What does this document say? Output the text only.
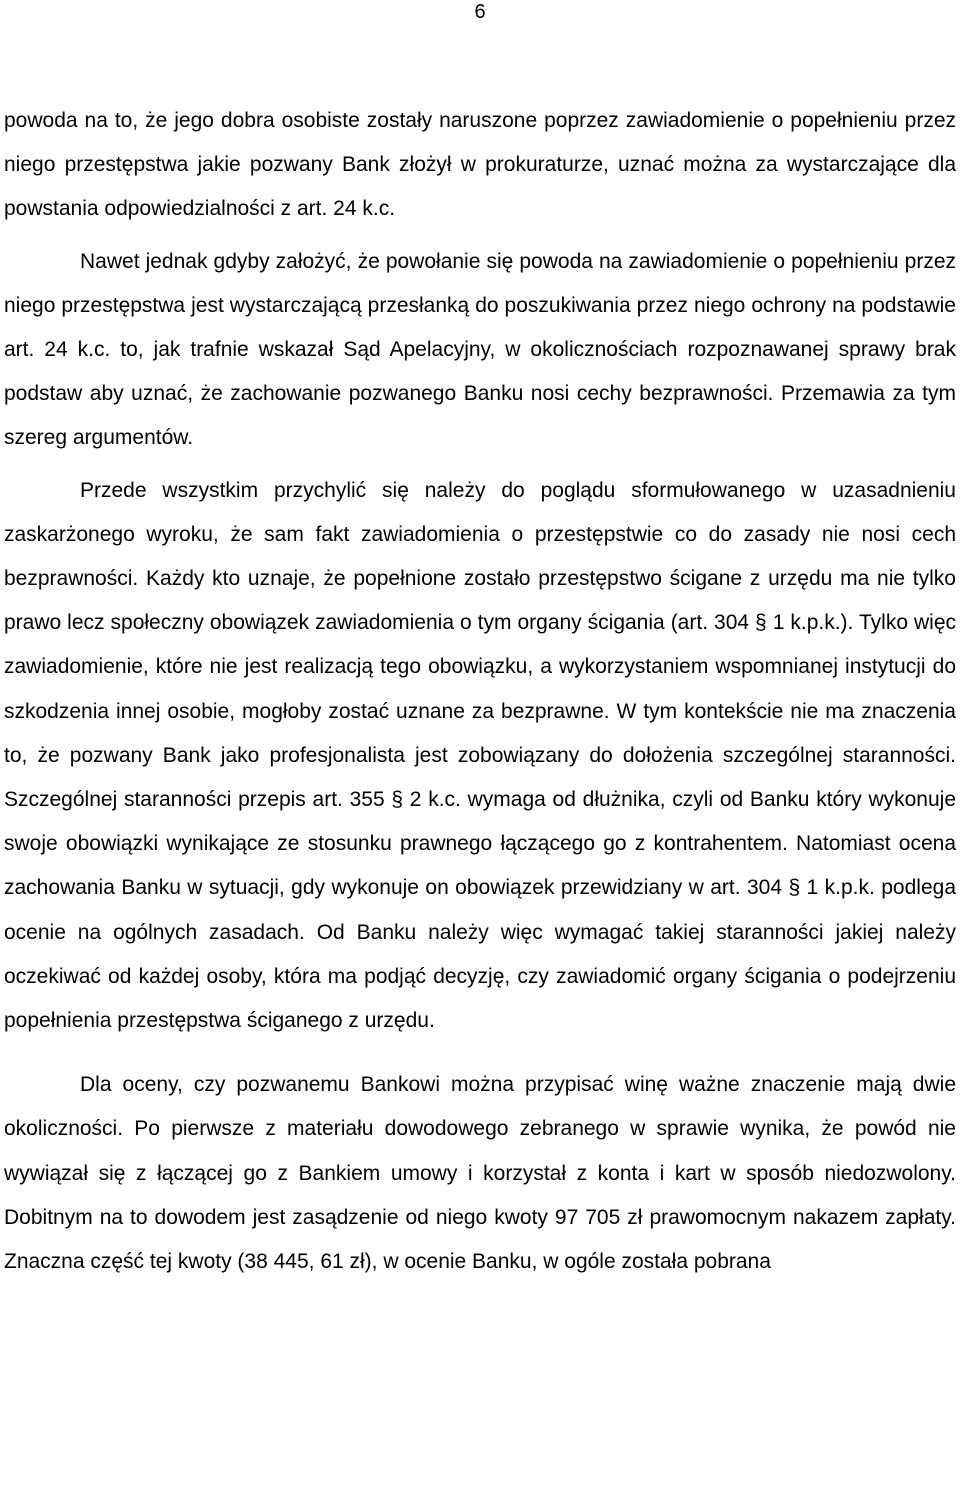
6

powoda na to, że jego dobra osobiste zostały naruszone poprzez zawiadomienie o popełnieniu przez niego przestępstwa jakie pozwany Bank złożył w prokuraturze, uznać można za wystarczające dla powstania odpowiedzialności z art. 24 k.c.

Nawet jednak gdyby założyć, że powołanie się powoda na zawiadomienie o popełnieniu przez niego przestępstwa jest wystarczającą przesłanką do poszukiwania przez niego ochrony na podstawie art. 24 k.c. to, jak trafnie wskazał Sąd Apelacyjny, w okolicznościach rozpoznawanej sprawy brak podstaw aby uznać, że zachowanie pozwanego Banku nosi cechy bezprawności. Przemawia za tym szereg argumentów.

Przede wszystkim przychylić się należy do poglądu sformułowanego w uzasadnieniu zaskarżonego wyroku, że sam fakt zawiadomienia o przestępstwie co do zasady nie nosi cech bezprawności. Każdy kto uznaje, że popełnione zostało przestępstwo ścigane z urzędu ma nie tylko prawo lecz społeczny obowiązek zawiadomienia o tym organy ścigania (art. 304 § 1 k.p.k.). Tylko więc zawiadomienie, które nie jest realizacją tego obowiązku, a wykorzystaniem wspomnianej instytucji do szkodzenia innej osobie, mogłoby zostać uznane za bezprawne. W tym kontekście nie ma znaczenia to, że pozwany Bank jako profesjonalista jest zobowiązany do dołożenia szczególnej staranności. Szczególnej staranności przepis art. 355 § 2 k.c. wymaga od dłużnika, czyli od Banku który wykonuje swoje obowiązki wynikające ze stosunku prawnego łączącego go z kontrahentem. Natomiast ocena zachowania Banku w sytuacji, gdy wykonuje on obowiązek przewidziany w art. 304 § 1 k.p.k. podlega ocenie na ogólnych zasadach. Od Banku należy więc wymagać takiej staranności jakiej należy oczekiwać od każdej osoby, która ma podjąć decyzję, czy zawiadomić organy ścigania o podejrzeniu popełnienia przestępstwa ściganego z urzędu.

Dla oceny, czy pozwanemu Bankowi można przypisać winę ważne znaczenie mają dwie okoliczności. Po pierwsze z materiału dowodowego zebranego w sprawie wynika, że powód nie wywiązał się z łączącej go z Bankiem umowy i korzystał z konta i kart w sposób niedozwolony. Dobitnym na to dowodem jest zasądzenie od niego kwoty 97 705 zł prawomocnym nakazem zapłaty. Znaczna część tej kwoty (38 445, 61 zł), w ocenie Banku, w ogóle została pobrana
